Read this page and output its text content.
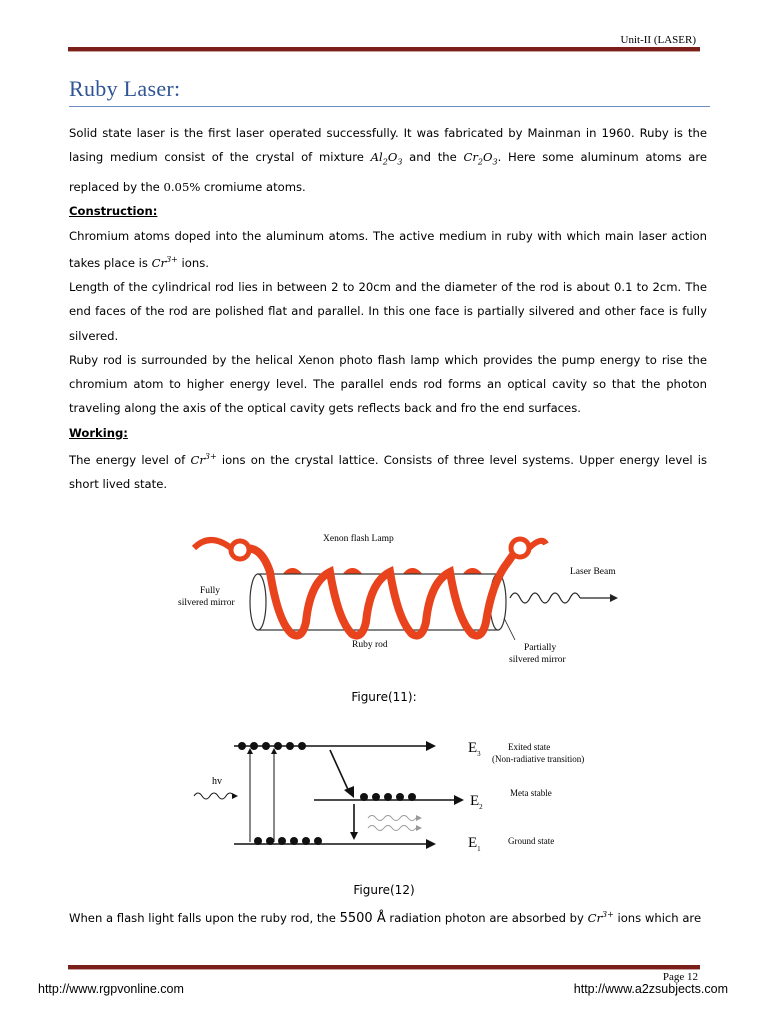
Unit-II (LASER)
Ruby Laser:

Solid state laser is the first laser operated successfully. It was fabricated by Mainman in 1960. Ruby is the lasing medium consist of the crystal of mixture $Al_2O_3$ and the $Cr_2O_3$. Here some aluminum atoms are replaced by the 0.05% cromiume atoms.

Construction:

Chromium atoms doped into the aluminum atoms. The active medium in ruby with which main laser action takes place is $Cr^{3+}$ ions.

Length of the cylindrical rod lies in between 2 to 20cm and the diameter of the rod is about 0.1 to 2cm. The end faces of the rod are polished flat and parallel. In this one face is partially silvered and other face is fully silvered.

Ruby rod is surrounded by the helical Xenon photo flash lamp which provides the pump energy to rise the chromium atom to higher energy level. The parallel ends rod forms an optical cavity so that the photon traveling along the axis of the optical cavity gets reflects back and fro the end surfaces.

Working:

The energy level of $Cr^{3+}$ ions on the crystal lattice. Consists of three level systems. Upper energy level is short lived state.

Xenon flash Lamp
Laser Beam
Fully
silvered mirror
Ruby rod	Partially
silvered mirror
Figure(11):
hv
$E_3$
$E_2$
$E_1$
Exited state
(Non-radiative transition)
Meta stable
Ground state
Figure(12)
When a flash light falls upon the ruby rod, the 5500 Å radiation photon are absorbed by $Cr^{3+}$ ions which are
Page 12
http://www.rgpvonline.com	http://www.a2zsubjects.com
